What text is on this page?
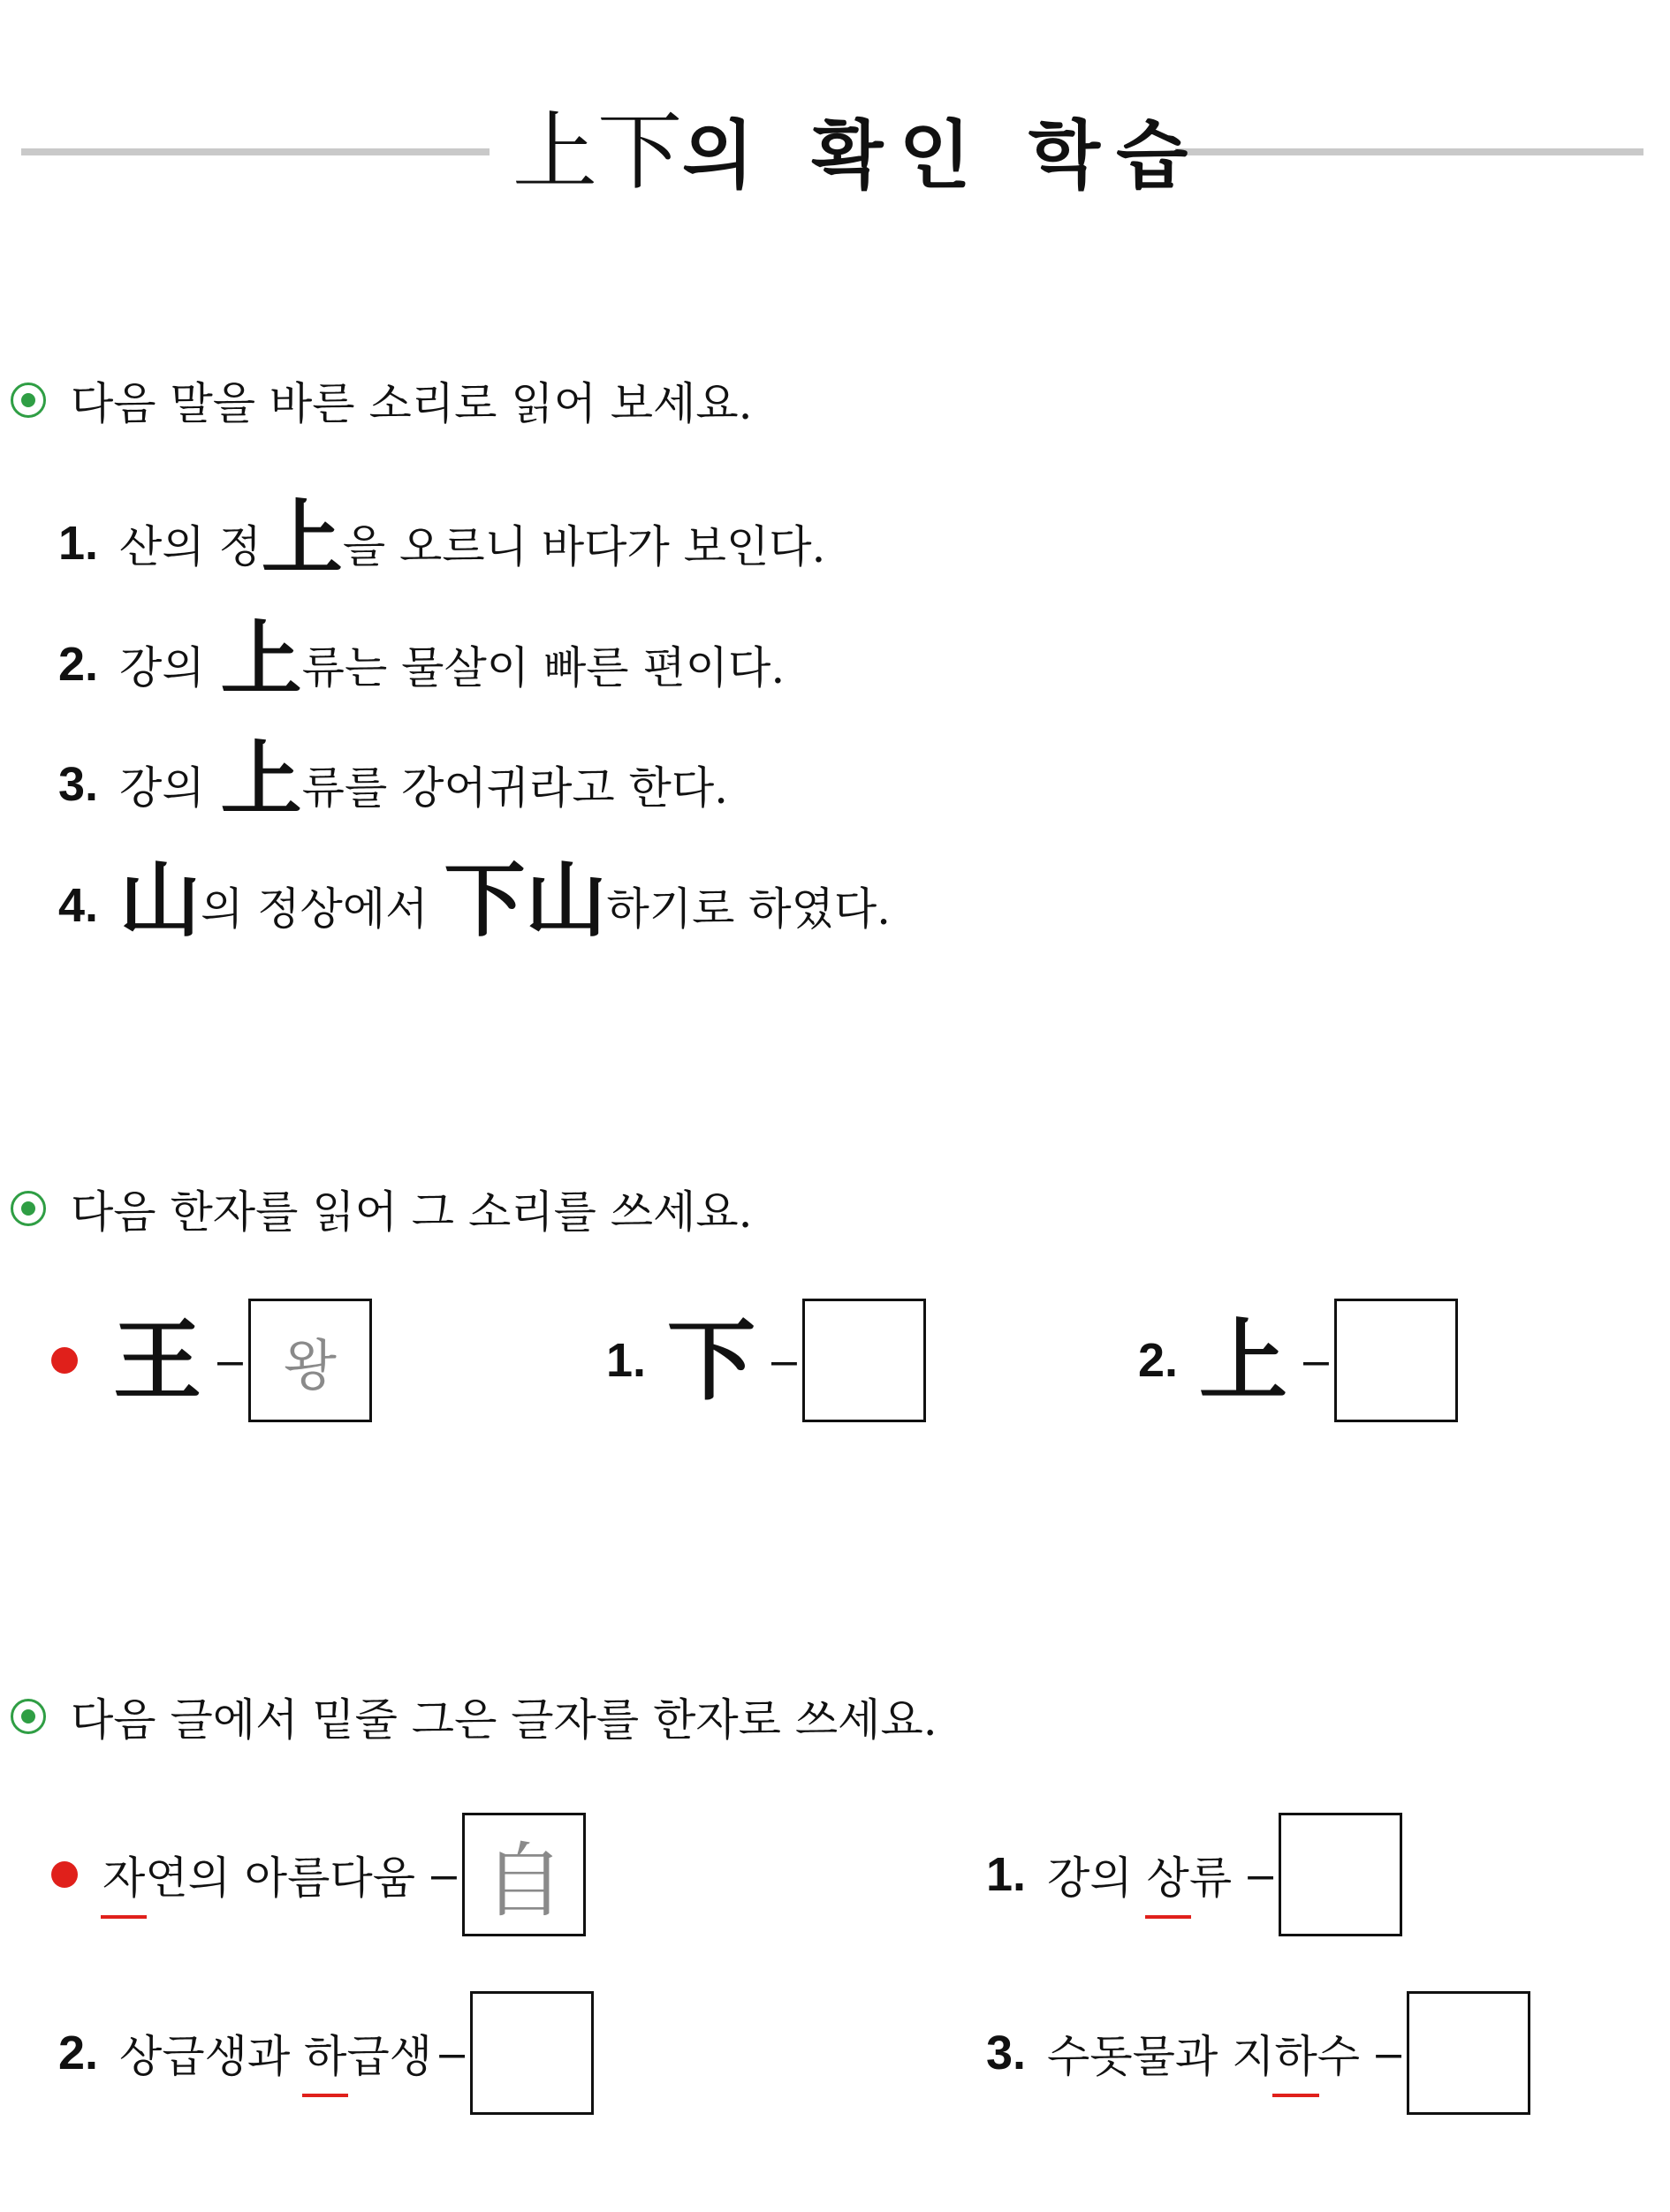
上下의 확인 학습
다음 말을 바른 소리로 읽어 보세요.
1. 산의 정 上 을 오르니 바다가 보인다.
2. 강의 上 류는 물살이 빠른 편이다.
3. 강의 上 류를 강어귀라고 한다.
4. 山 의 정상에서 下山 하기로 하였다.
다음 한자를 읽어 그 소리를 쓰세요.
王 – 왕	1. 下 –	2. 上 –
다음 글에서 밑줄 그은 글자를 한자로 쓰세요.
자 연의 아름다움 – 自	1. 강의 상 류 –
2. 상급생과 하 급생 –	3. 수돗물과 지 하 수 –
